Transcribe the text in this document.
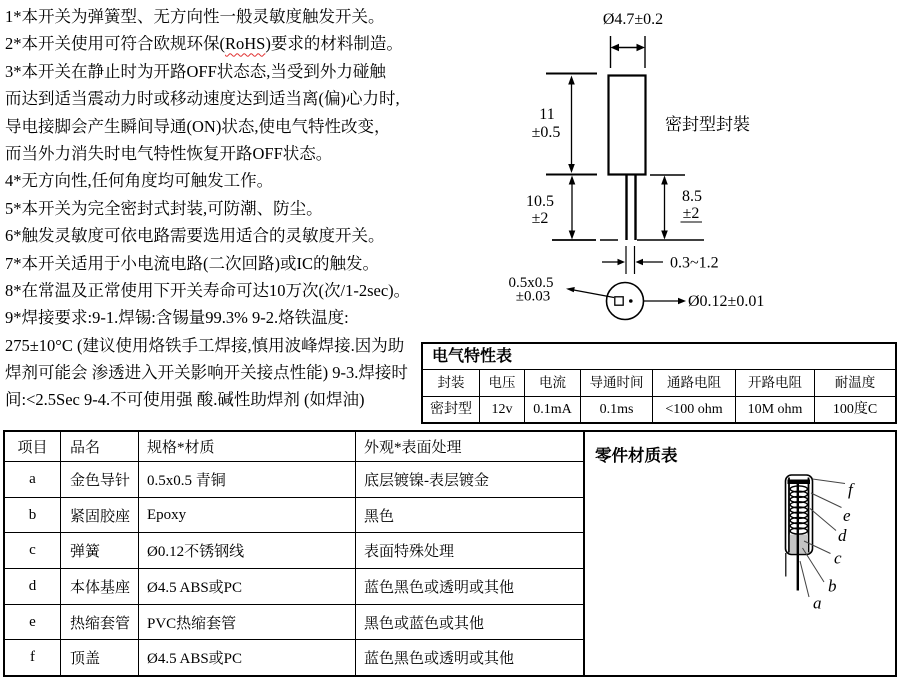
1*本开关为弹簧型、无方向性一般灵敏度触发开关。
2*本开关使用可符合欧规环保(RoHS)要求的材料制造。
3*本开关在静止时为开路OFF状态态,当受到外力碰触
而达到适当震动力时或移动速度达到适当离(偏)心力时,
导电接脚会产生瞬间导通(ON)状态,使电气特性改变，
而当外力消失时电气特性恢复开路OFF状态。
4*无方向性,任何角度均可触发工作。
5*本开关为完全密封式封装,可防潮、防尘。
6*触发灵敏度可依电路需要选用适合的灵敏度开关。
7*本开关适用于小电流电路(二次回路)或IC的触发。
8*在常温及正常使用下开关寿命可达10万次(次/1-2sec)。
9*焊接要求:9-1.焊锡:含锡量99.3% 9-2.烙铁温度:
275±10°C (建议使用烙铁手工焊接,慎用波峰焊接.因为助
焊剂可能会 渗透进入开关影响开关接点性能) 9-3.焊接时
间:<2.5Sec 9-4.不可使用强 酸.碱性助焊剂 (如焊油)
Ø4.7±0.2
密封型封裝
11
±0.5
10.5
±2
8.5
±2
0.3~1.2
0.5x0.5
±0.03	Ø0.12±0.01
电气特性表
封装	电压	电流	导通时间	通路电阻	开路电阻	耐温度
密封型	12v	0.1mA	0.1ms	<100 ohm	10M ohm	100度C
项目	品名	规格*材质	外观*表面处理
a	金色导针	0.5x0.5 青铜	底层镀镍-表层镀金
b	紧固胶座	Epoxy	黑色
c	弹簧	Ø0.12不锈钢线	表面特殊处理
d	本体基座	Ø4.5 ABS或PC	蓝色黑色或透明或其他
e	热缩套管	PVC热缩套管	黑色或蓝色或其他
f	顶盖	Ø4.5 ABS或PC	蓝色黑色或透明或其他
零件材质表
f
e
d
c
b
a
